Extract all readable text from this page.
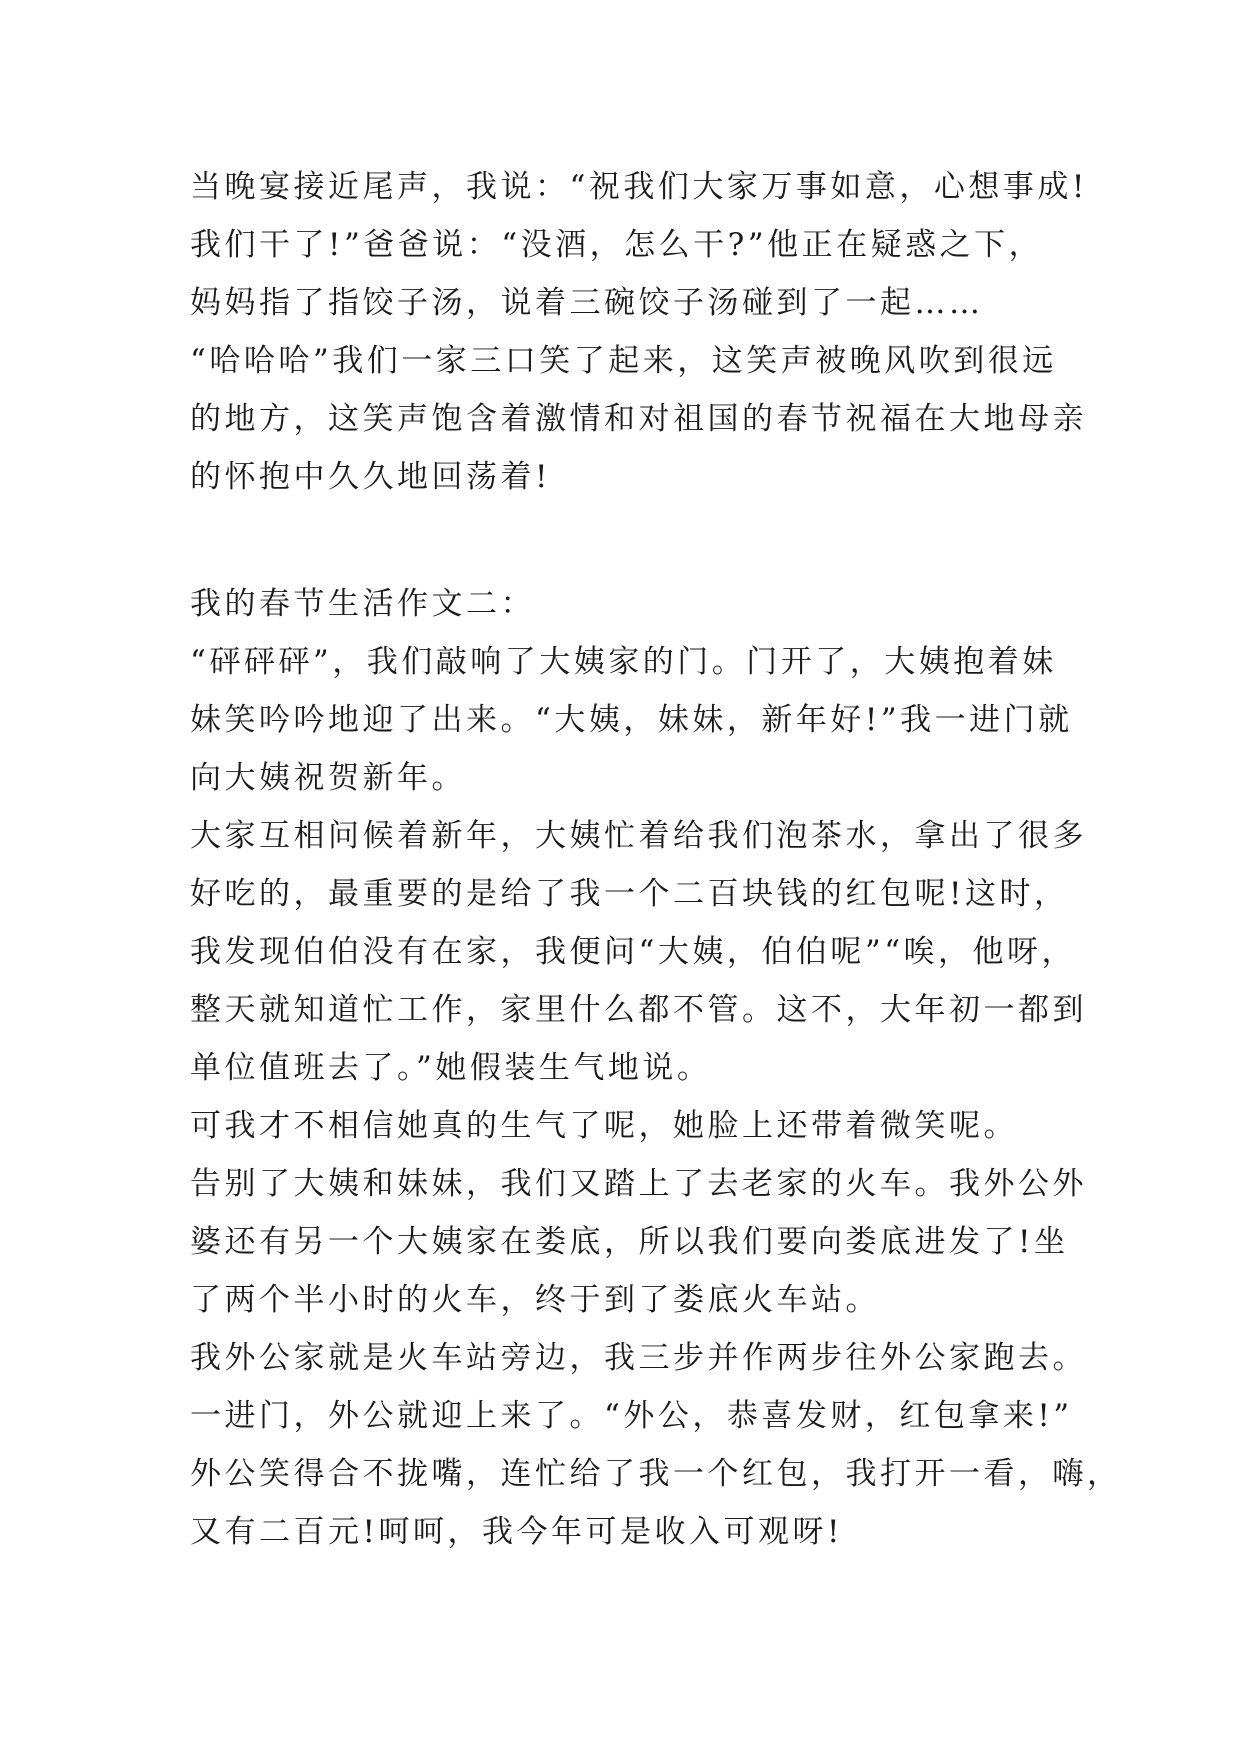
当晚宴接近尾声，我说：“祝我们大家万事如意，心想事成!
我们干了!”爸爸说：“没酒，怎么干?”他正在疑惑之下，
妈妈指了指饺子汤，说着三碗饺子汤碰到了一起……
“哈哈哈”我们一家三口笑了起来，这笑声被晚风吹到很远
的地方，这笑声饱含着激情和对祖国的春节祝福在大地母亲
的怀抱中久久地回荡着!
我的春节生活作文二：
“砰砰砰”，我们敲响了大姨家的门。门开了，大姨抱着妹
妹笑吟吟地迎了出来。“大姨，妹妹，新年好!”我一进门就
向大姨祝贺新年。
大家互相问候着新年，大姨忙着给我们泡茶水，拿出了很多
好吃的，最重要的是给了我一个二百块钱的红包呢!这时，
我发现伯伯没有在家，我便问“大姨，伯伯呢”“唉，他呀，
整天就知道忙工作，家里什么都不管。这不，大年初一都到
单位值班去了。”她假装生气地说。
可我才不相信她真的生气了呢，她脸上还带着微笑呢。
告别了大姨和妹妹，我们又踏上了去老家的火车。我外公外
婆还有另一个大姨家在娄底，所以我们要向娄底进发了!坐
了两个半小时的火车，终于到了娄底火车站。
我外公家就是火车站旁边，我三步并作两步往外公家跑去。
一进门，外公就迎上来了。“外公，恭喜发财，红包拿来!”
外公笑得合不拢嘴，连忙给了我一个红包，我打开一看，嗨，
又有二百元!呵呵，我今年可是收入可观呀!
